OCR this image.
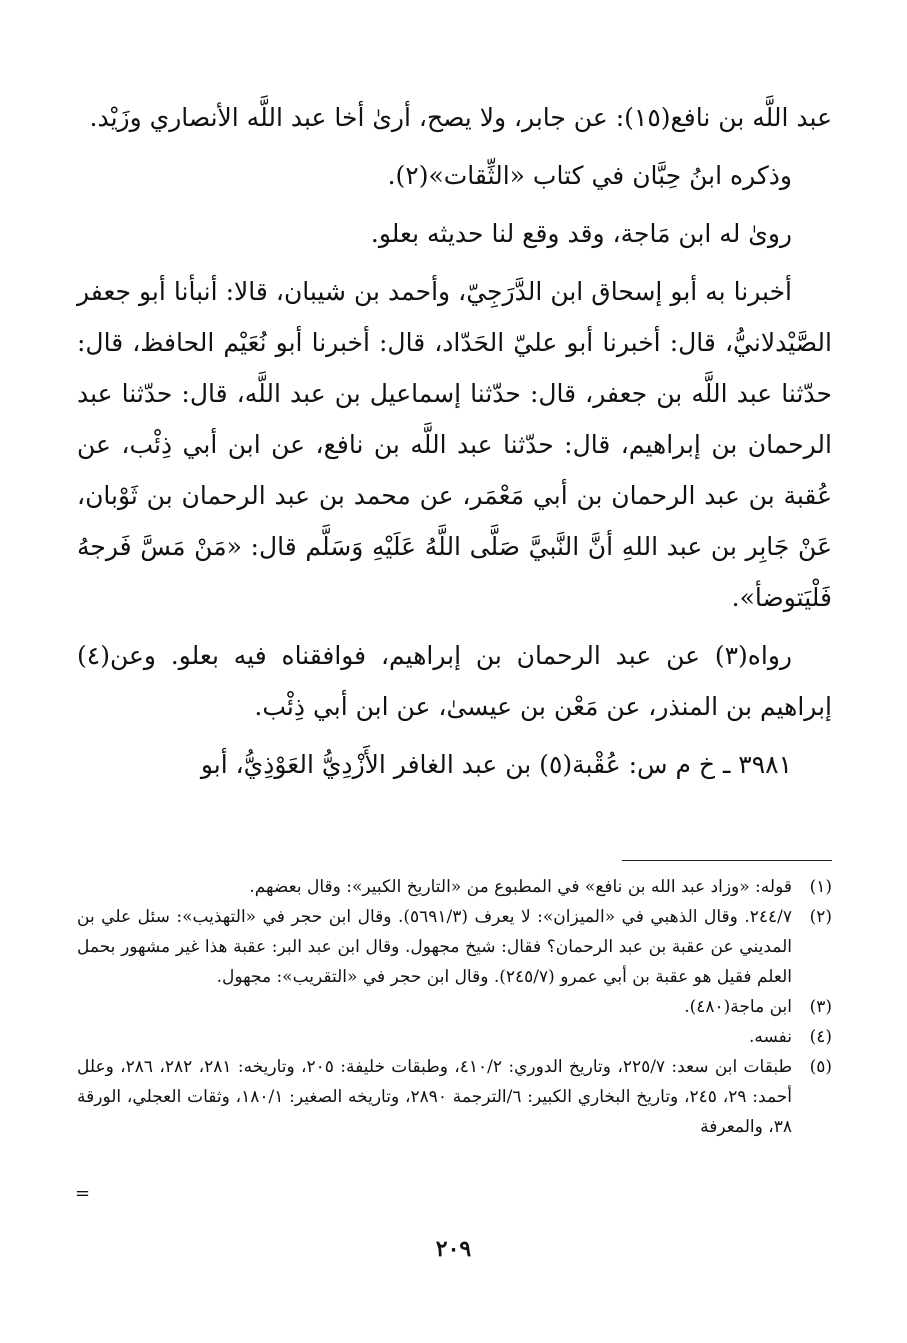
عبد اللَّه بن نافع(١٥): عن جابر، ولا يصح، أرىٰ أخا عبد اللَّه الأنصاري وزَيْد.

وذكره ابنُ حِبَّان في كتاب «الثِّقات»(٢).

روىٰ له ابن مَاجة، وقد وقع لنا حديثه بعلو.

أخبرنا به أبو إسحاق ابن الدَّرَجِيّ، وأحمد بن شيبان، قالا: أنبأنا أبو جعفر الصَّيْدلانيُّ، قال: أخبرنا أبو عليّ الحَدّاد، قال: أخبرنا أبو نُعَيْم الحافظ، قال: حدّثنا عبد اللَّه بن جعفر، قال: حدّثنا إسماعيل بن عبد اللَّه، قال: حدّثنا عبد الرحمان بن إبراهيم، قال: حدّثنا عبد اللَّه بن نافع، عن ابن أبي ذِئْب، عن عُقبة بن عبد الرحمان بن أبي مَعْمَر، عن محمد بن عبد الرحمان بن ثَوْبان، عَنْ جَابِر بن عبد اللهِ أنَّ النَّبيَّ صَلَّى اللَّهُ عَلَيْهِ وَسَلَّم قال: «مَنْ مَسَّ فَرجهُ فَلْيَتوضأ».

رواه(٣) عن عبد الرحمان بن إبراهيم، فوافقناه فيه بعلو. وعن(٤) إبراهيم بن المنذر، عن مَعْن بن عيسىٰ، عن ابن أبي ذِئْب.

٣٩٨١ ـ خ م س: عُقْبة(٥) بن عبد الغافر الأَزْدِيُّ العَوْذِيُّ، أبو

(١)
قوله: «وزاد عبد الله بن نافع» في المطبوع من «التاريخ الكبير»: وقال بعضهم.
(٢)
٢٤٤/٧. وقال الذهبي في «الميزان»: لا يعرف (٥٦٩١/٣). وقال ابن حجر في «التهذيب»: سئل علي بن المديني عن عقبة بن عبد الرحمان؟ فقال: شيخ مجهول. وقال ابن عبد البر: عقبة هذا غير مشهور بحمل العلم فقيل هو عقبة بن أبي عمرو (٢٤٥/٧). وقال ابن حجر في «التقريب»: مجهول.
(٣)
ابن ماجة(٤٨٠).
(٤)
نفسه.
(٥)
طبقات ابن سعد: ٢٢٥/٧، وتاريخ الدوري: ٤١٠/٢، وطبقات خليفة: ٢٠٥، وتاريخه: ٢٨١، ٢٨٢، ٢٨٦، وعلل أحمد: ٢٩، ٢٤٥، وتاريخ البخاري الكبير: ٦/الترجمة ٢٨٩٠، وتاريخه الصغير: ١٨٠/١، وثقات العجلي، الورقة ٣٨، والمعرفة
=
٢٠٩
